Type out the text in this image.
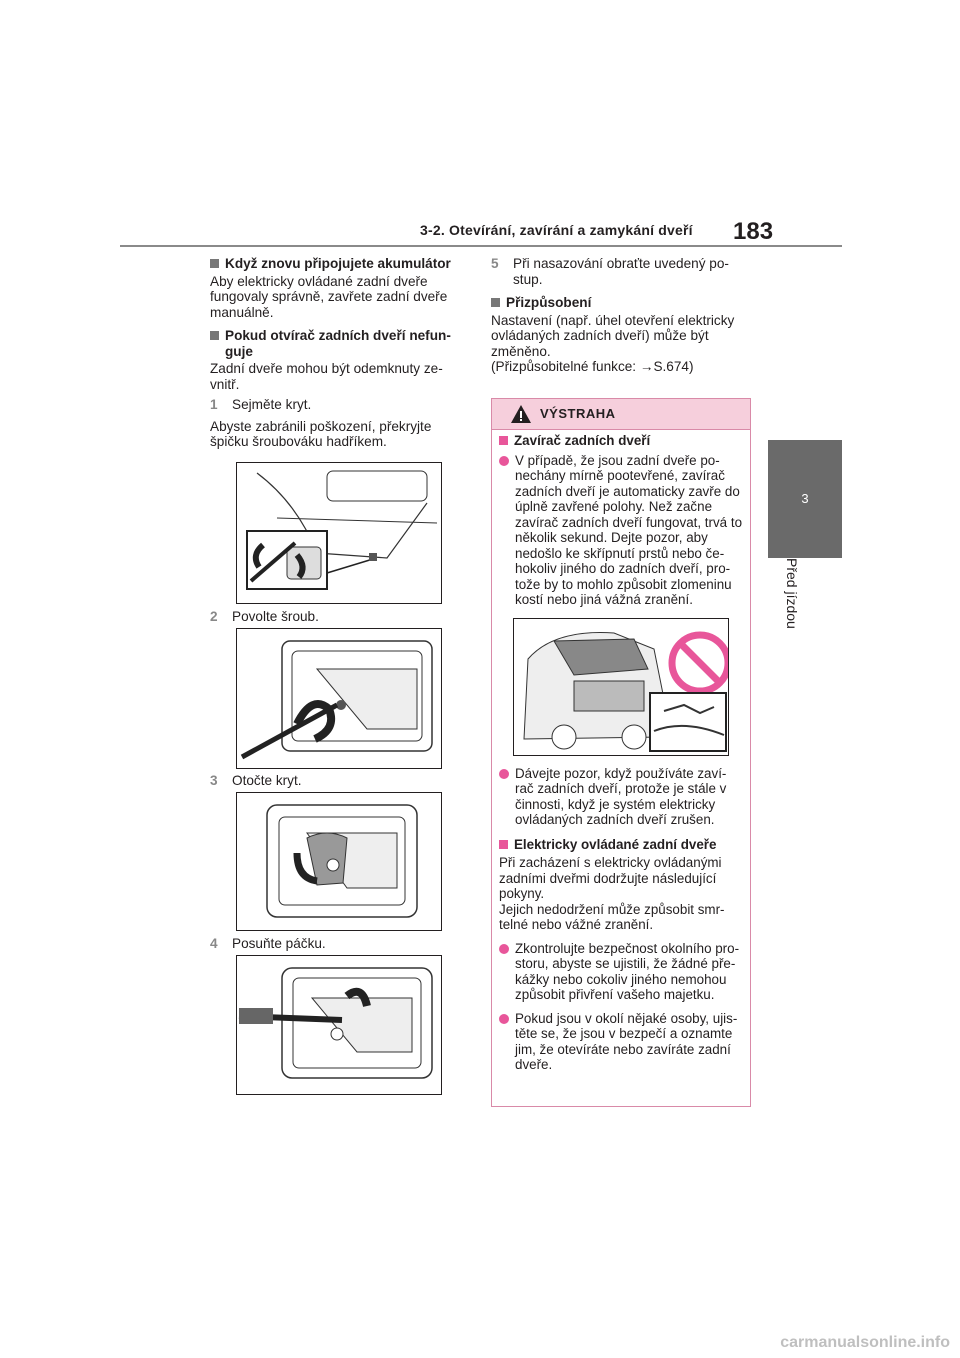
3-2. Otevírání, zavírání a zamykání dveří 183
3
Před jízdou
Když znovu připojujete akumulátor

Aby elektricky ovládané zadní dveře fungovaly správně, zavřete zadní dveře manuálně.

Pokud otvírač zadních dveří nefun- guje

Zadní dveře mohou být odemknuty ze- vnitř.

1	Sejměte kryt.

Abyste zabránili poškození, překryjte špičku šroubováku hadříkem.

2	Povolte šroub.
3	Otočte kryt.
4	Posuňte páčku.
5	Při nasazování obraťte uvedený po- stup.
Přizpůsobení

Nastavení (např. úhel otevření elektricky ovládaných zadních dveří) může být změněno.

(Přizpůsobitelné funkce: →S.674)

VÝSTRAHA
Zavírač zadních dveří
V případě, že jsou zadní dveře po- nechány mírně pootevřené, zavírač zadních dveří je automaticky zavře do úplně zavřené polohy. Než začne zavírač zadních dveří fungovat, trvá to několik sekund. Dejte pozor, aby nedošlo ke skřípnutí prstů nebo če- hokoliv jiného do zadních dveří, pro- tože by to mohlo způsobit zlomeninu kostí nebo jiná vážná zranění.
Dávejte pozor, když používáte zaví- rač zadních dveří, protože je stále v činnosti, když je systém elektricky ovládaných zadních dveří zrušen.
Elektricky ovládané zadní dveře

Při zacházení s elektricky ovládanými zadními dveřmi dodržujte následující pokyny.

Jejich nedodržení může způsobit smr- telné nebo vážné zranění.

Zkontrolujte bezpečnost okolního pro- storu, abyste se ujistili, že žádné pře- kážky nebo cokoliv jiného nemohou způsobit přivření vašeho majetku.
Pokud jsou v okolí nějaké osoby, ujis- těte se, že jsou v bezpečí a oznamte jim, že otevíráte nebo zavíráte zadní dveře.
carmanualsonline.info
